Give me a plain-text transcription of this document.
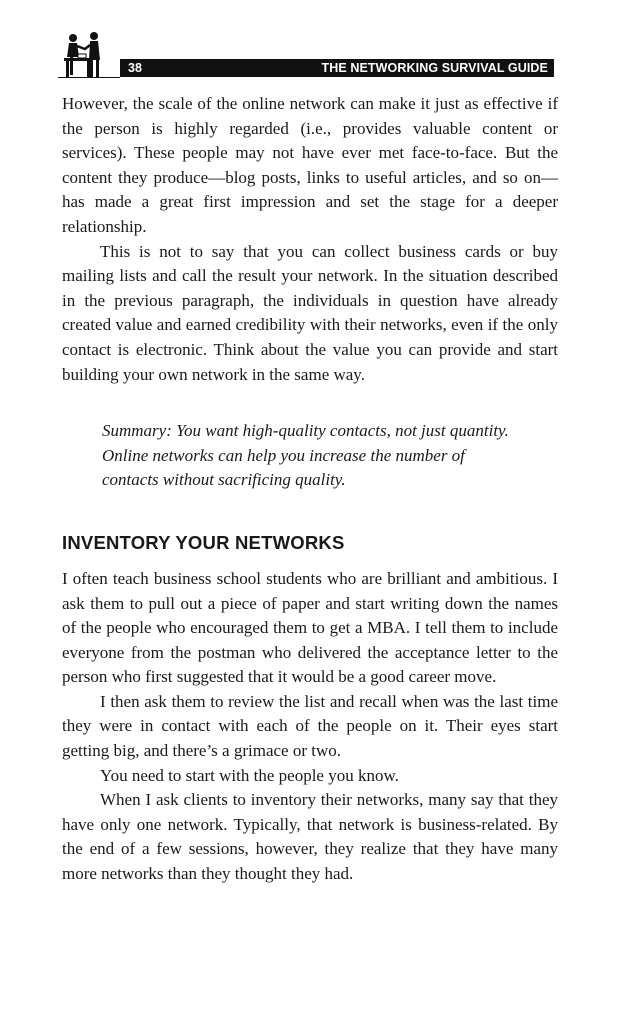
38	THE NETWORKING SURVIVAL GUIDE

However, the scale of the online network can make it just as effective if the person is highly regarded (i.e., provides valuable content or services). These people may not have ever met face-to-face. But the content they produce—blog posts, links to useful articles, and so on—has made a great first impression and set the stage for a deeper relationship.

This is not to say that you can collect business cards or buy mailing lists and call the result your network. In the situation described in the previous paragraph, the individuals in question have already created value and earned credibility with their networks, even if the only contact is electronic. Think about the value you can provide and start building your own network in the same way.

Summary: You want high-quality contacts, not just quantity. Online networks can help you increase the number of contacts without sacrificing quality.

INVENTORY YOUR NETWORKS

I often teach business school students who are brilliant and ambitious. I ask them to pull out a piece of paper and start writing down the names of the people who encouraged them to get a MBA. I tell them to include everyone from the postman who delivered the acceptance letter to the person who first suggested that it would be a good career move.

I then ask them to review the list and recall when was the last time they were in contact with each of the people on it. Their eyes start getting big, and there’s a grimace or two.

You need to start with the people you know.

When I ask clients to inventory their networks, many say that they have only one network. Typically, that network is business-related. By the end of a few sessions, however, they realize that they have many more networks than they thought they had.
